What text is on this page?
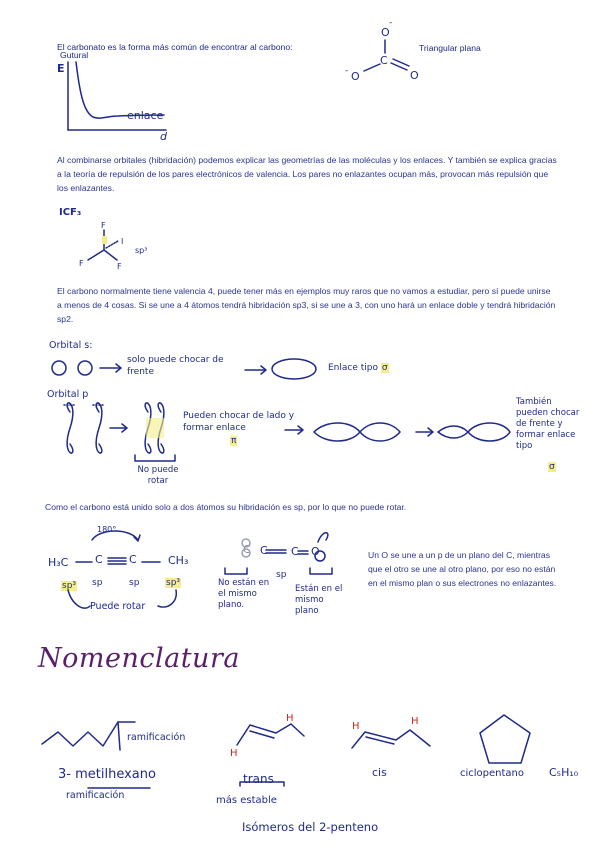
El carbonato es la forma más común de encontrar al carbono:	Triangular plana
O
-
C
O
-	O
Gutural
E
d
enlace
Al combinarse orbitales (hibridación) podemos explicar las geometrías de las moléculas y los enlaces. Y también se explica gracias a la teoría de repulsión de los pares electrónicos de valencia. Los pares no enlazantes ocupan más, provocan más repulsión que los enlazantes.
ICF₃
F
I
F	F
sp³
El carbono normalmente tiene valencia 4, puede tener más en ejemplos muy raros que no vamos a estudiar, pero sí puede unirse a menos de 4 cosas. Si se une a 4 átomos tendrá hibridación sp3, si se une a 3, con uno hará un enlace doble y tendrá hibridación sp2.
Orbital s:
solo puede chocar de frente	Enlace tipo σ
Orbital p
Pueden chocar de lado y formar enlace
π
No puede rotar
También pueden chocar de frente y formar enlace tipo
σ
Como el carbono está unido solo a dos átomos su hibridación es sp, por lo que no puede rotar.
180°
H₃C C C	CH₃
sp³ sp	sp	sp³
Puede rotar
C C C O
sp
No están en el mismo plano.
Están en el mismo plano
Un O se une a un p de un plano del C, mientras que el otro se une al otro plano, por eso no están en el mismo plan o sus electrones no enlazantes.
Nomenclatura
ramificación
3- metilhexano
ramificación
H
H
trans
más estable
H	H
cis	ciclopentano C₅H₁₀
Isómeros del 2-penteno
